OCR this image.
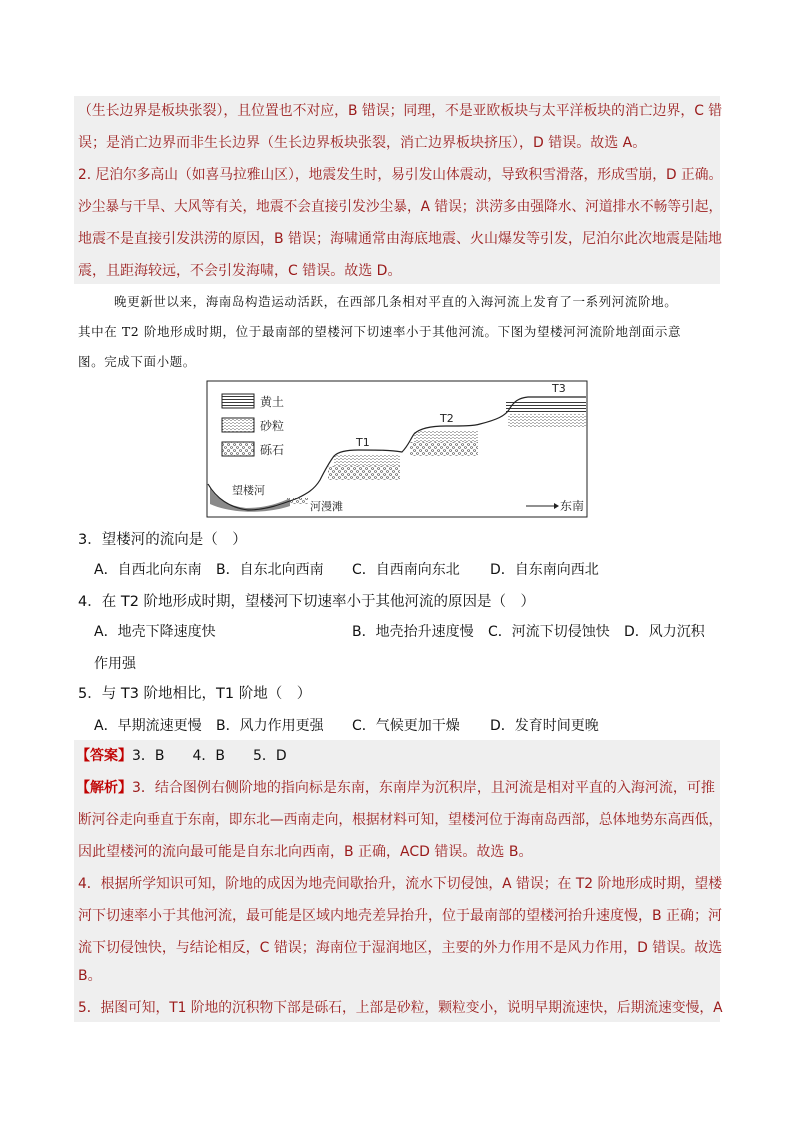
（生长边界是板块张裂），且位置也不对应，B 错误；同理，不是亚欧板块与太平洋板块的消亡边界，C 错
误；是消亡边界而非生长边界（生长边界板块张裂，消亡边界板块挤压），D 错误。故选 A。
2. 尼泊尔多高山（如喜马拉雅山区），地震发生时，易引发山体震动，导致积雪滑落，形成雪崩，D 正确。
沙尘暴与干旱、大风等有关，地震不会直接引发沙尘暴，A 错误；洪涝多由强降水、河道排水不畅等引起，
地震不是直接引发洪涝的原因，B 错误；海啸通常由海底地震、火山爆发等引发，尼泊尔此次地震是陆地
震，且距海较远，不会引发海啸，C 错误。故选 D。
晚更新世以来，海南岛构造运动活跃，在西部几条相对平直的入海河流上发育了一系列河流阶地。
其中在 T2 阶地形成时期，位于最南部的望楼河下切速率小于其他河流。下图为望楼河河流阶地剖面示意
图。完成下面小题。
黄土
砂粒
砾石
T1
T2
T3
望楼河
河漫滩	东南
3．望楼河的流向是（　）
A．自西北向东南 B．自东北向西南 C．自西南向东北 D．自东南向西北
4．在 T2 阶地形成时期，望楼河下切速率小于其他河流的原因是（　）
A．地壳下降速度快	B．地壳抬升速度慢 C．河流下切侵蚀快 D．风力沉积
作用强
5．与 T3 阶地相比，T1 阶地（　）
A．早期流速更慢 B．风力作用更强 C．气候更加干燥 D．发育时间更晚
【答案】3．B　　4．B　　5．D
【解析】3．结合图例右侧阶地的指向标是东南，东南岸为沉积岸，且河流是相对平直的入海河流，可推
断河谷走向垂直于东南，即东北—西南走向，根据材料可知，望楼河位于海南岛西部，总体地势东高西低，
因此望楼河的流向最可能是自东北向西南，B 正确，ACD 错误。故选 B。
4．根据所学知识可知，阶地的成因为地壳间歇抬升，流水下切侵蚀，A 错误；在 T2 阶地形成时期，望楼
河下切速率小于其他河流，最可能是区域内地壳差异抬升，位于最南部的望楼河抬升速度慢，B 正确；河
流下切侵蚀快，与结论相反，C 错误；海南位于湿润地区，主要的外力作用不是风力作用，D 错误。故选
B。
5．据图可知，T1 阶地的沉积物下部是砾石，上部是砂粒，颗粒变小，说明早期流速快，后期流速变慢，A
